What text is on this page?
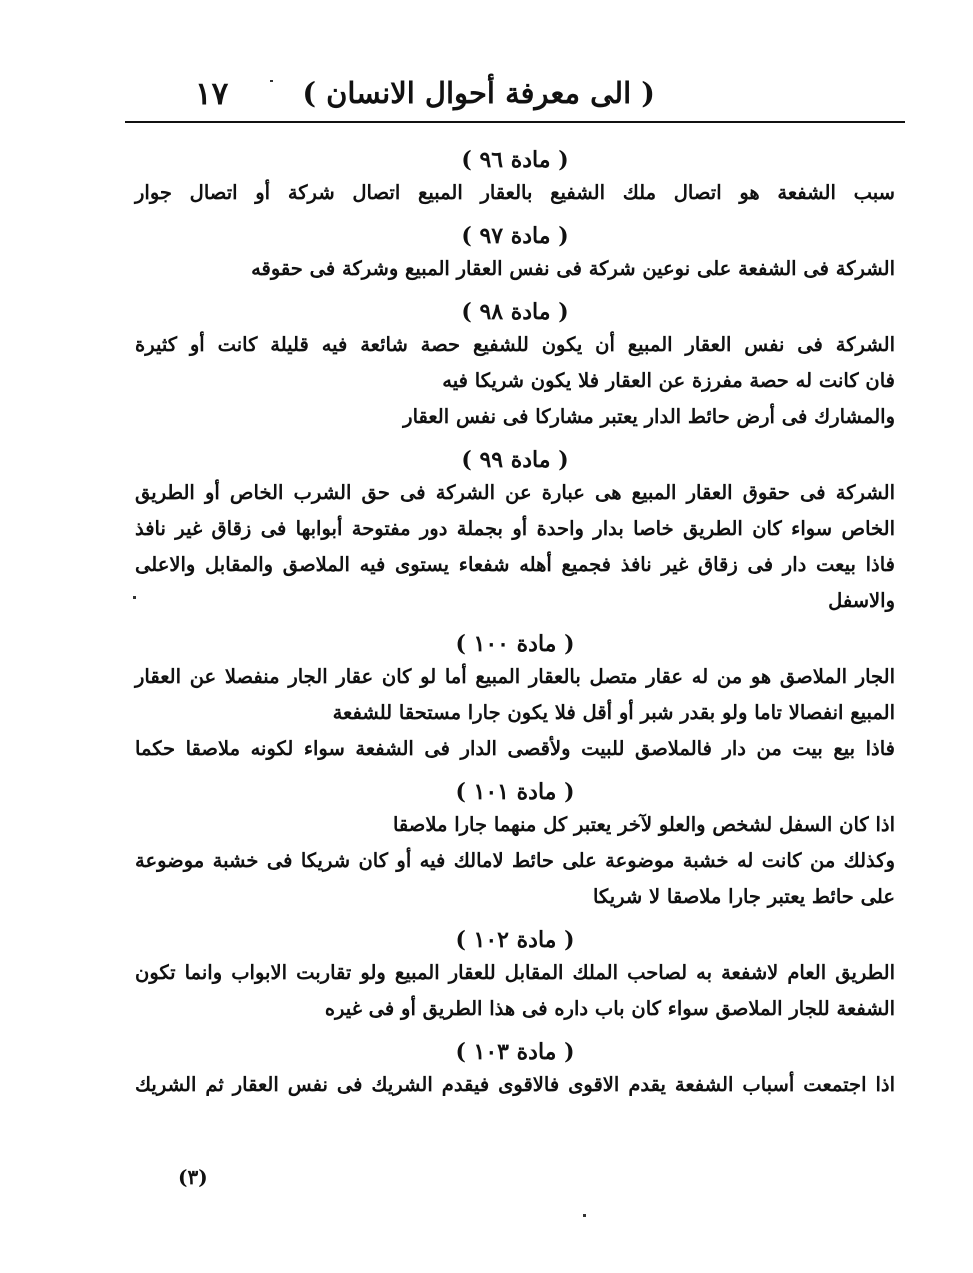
( الى معرفة أحوال الانسان )
١٧
( مادة ٩٦ )
سبب الشفعة هو اتصال ملك الشفيع بالعقار المبيع اتصال شركة أو اتصال جوار
( مادة ٩٧ )
الشركة فى الشفعة على نوعين شركة فى نفس العقار المبيع وشركة فى حقوقه
( مادة ٩٨ )
الشركة فى نفس العقار المبيع أن يكون للشفيع حصة شائعة فيه قليلة كانت أو كثيرة
فان كانت له حصة مفرزة عن العقار فلا يكون شريكا فيه
والمشارك فى أرض حائط الدار يعتبر مشاركا فى نفس العقار
( مادة ٩٩ )
الشركة فى حقوق العقار المبيع هى عبارة عن الشركة فى حق الشرب الخاص أو الطريق
الخاص سواء كان الطريق خاصا بدار واحدة أو بجملة دور مفتوحة أبوابها فى زقاق غير نافذ
فاذا بيعت دار فى زقاق غير نافذ فجميع أهله شفعاء يستوى فيه الملاصق والمقابل والاعلى
والاسفل
( مادة ١٠٠ )
الجار الملاصق هو من له عقار متصل بالعقار المبيع أما لو كان عقار الجار منفصلا عن العقار
المبيع انفصالا تاما ولو بقدر شبر أو أقل فلا يكون جارا مستحقا للشفعة
فاذا بيع بيت من دار فالملاصق للبيت ولأقصى الدار فى الشفعة سواء لكونه ملاصقا حكما
( مادة ١٠١ )
اذا كان السفل لشخص والعلو لآخر يعتبر كل منهما جارا ملاصقا
وكذلك من كانت له خشبة موضوعة على حائط لامالك فيه أو كان شريكا فى خشبة موضوعة
على حائط يعتبر جارا ملاصقا لا شريكا
( مادة ١٠٢ )
الطريق العام لاشفعة به لصاحب الملك المقابل للعقار المبيع ولو تقاربت الابواب وانما تكون
الشفعة للجار الملاصق سواء كان باب داره فى هذا الطريق أو فى غيره
( مادة ١٠٣ )
اذا اجتمعت أسباب الشفعة يقدم الاقوى فالاقوى فيقدم الشريك فى نفس العقار ثم الشريك
(٣)
